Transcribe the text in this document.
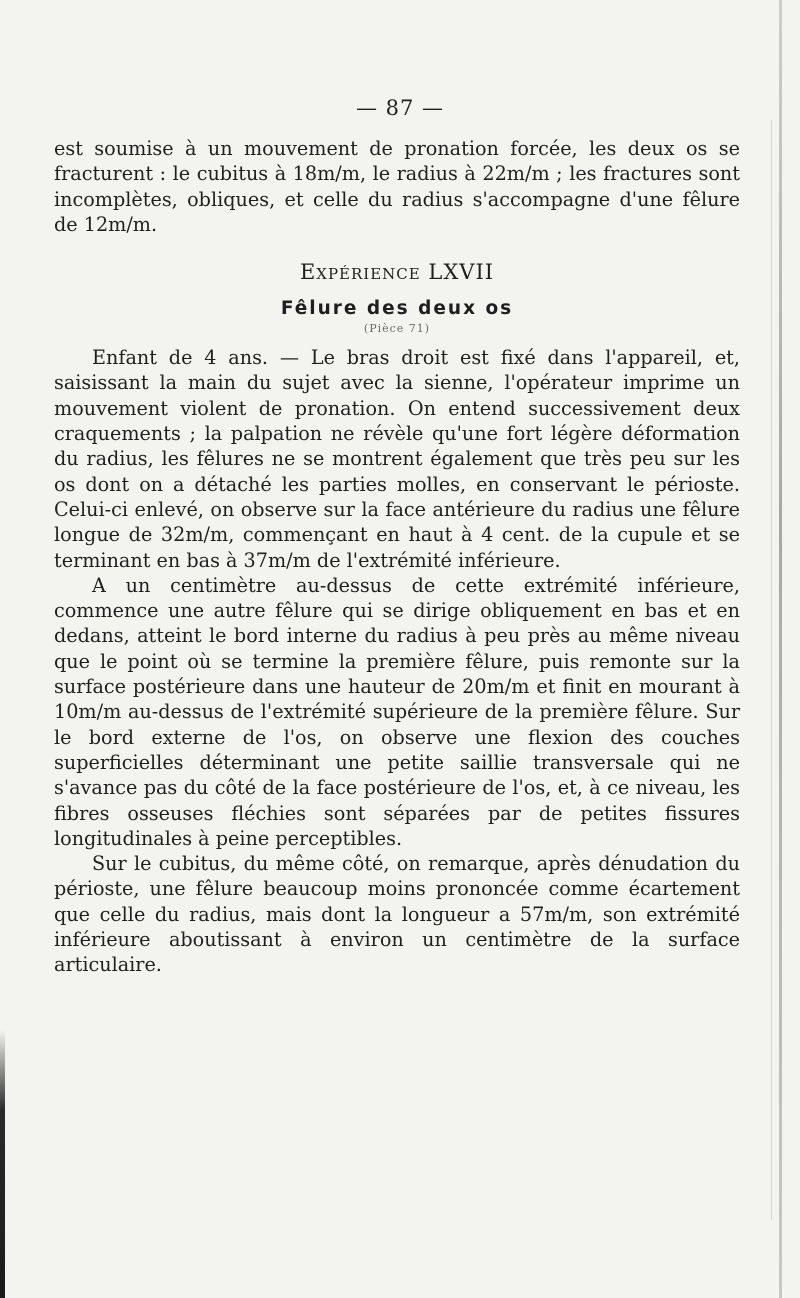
— 87 —

est soumise à un mouvement de pronation forcée, les deux os se fracturent : le cubitus à 18m/m, le radius à 22m/m ; les fractures sont incomplètes, obliques, et celle du radius s'accompagne d'une fêlure de 12m/m.

Expérience LXVII
Fêlure des deux os
(Pièce 71)

Enfant de 4 ans. — Le bras droit est fixé dans l'appareil, et, saisissant la main du sujet avec la sienne, l'opérateur imprime un mouvement violent de pronation. On entend successivement deux craquements ; la palpation ne révèle qu'une fort légère déformation du radius, les fêlures ne se montrent également que très peu sur les os dont on a détaché les parties molles, en conservant le périoste. Celui-ci enlevé, on observe sur la face antérieure du radius une fêlure longue de 32m/m, commençant en haut à 4 cent. de la cupule et se terminant en bas à 37m/m de l'extrémité inférieure.

A un centimètre au-dessus de cette extrémité inférieure, commence une autre fêlure qui se dirige obliquement en bas et en dedans, atteint le bord interne du radius à peu près au même niveau que le point où se termine la première fêlure, puis remonte sur la surface postérieure dans une hauteur de 20m/m et finit en mourant à 10m/m au-dessus de l'extrémité supérieure de la première fêlure. Sur le bord externe de l'os, on observe une flexion des couches superficielles déterminant une petite saillie transversale qui ne s'avance pas du côté de la face postérieure de l'os, et, à ce niveau, les fibres osseuses fléchies sont séparées par de petites fissures longitudinales à peine perceptibles.

Sur le cubitus, du même côté, on remarque, après dénudation du périoste, une fêlure beaucoup moins prononcée comme écartement que celle du radius, mais dont la longueur a 57m/m, son extrémité inférieure aboutissant à environ un centimètre de la surface articulaire.
